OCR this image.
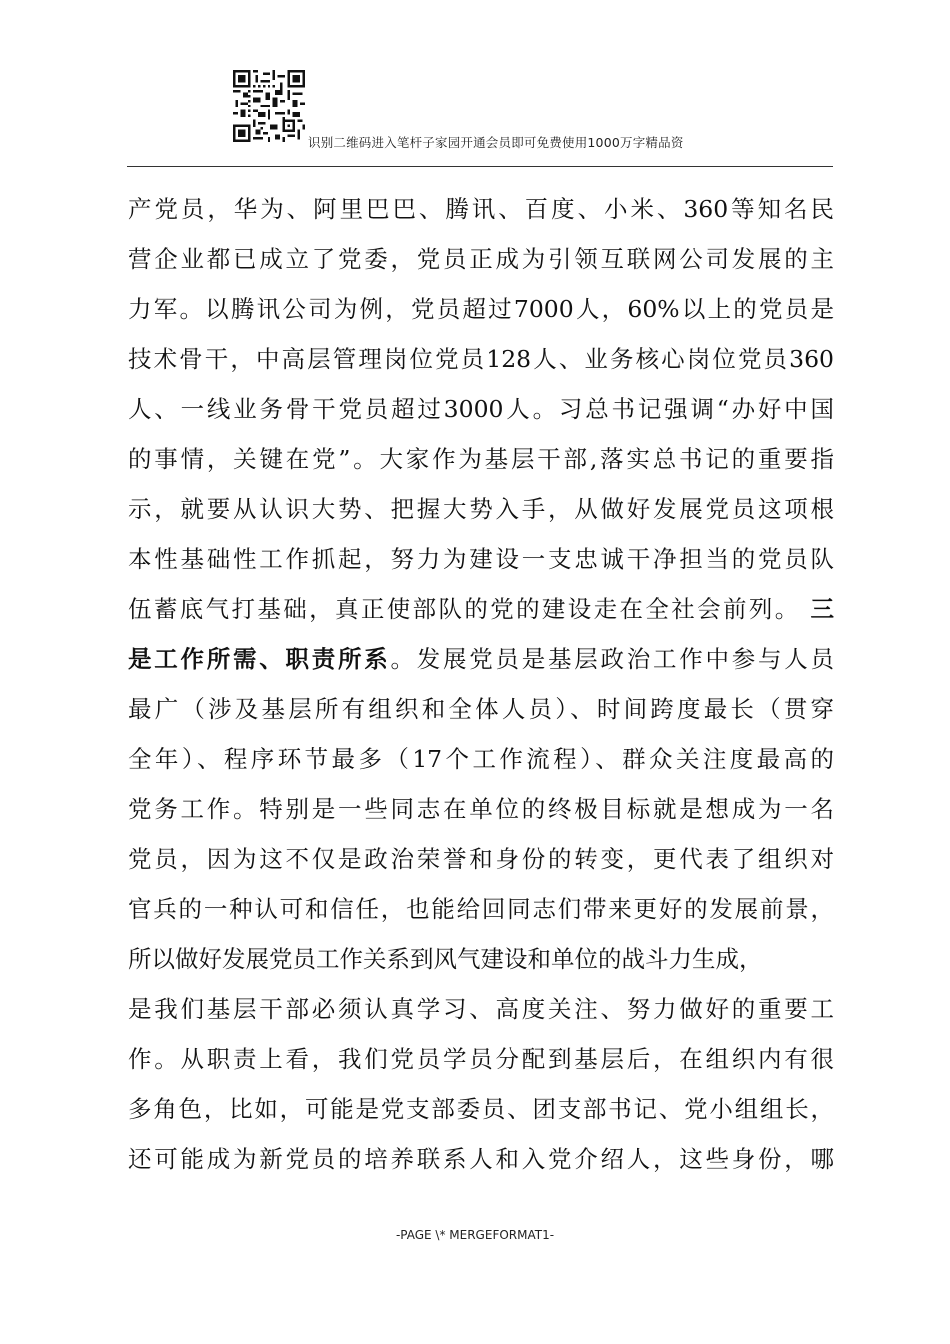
识别二维码进入笔杆子家园开通会员即可免费使用1000万字精品资
产党员，华为、阿里巴巴、腾讯、百度、小米、360等知名民
营企业都已成立了党委，党员正成为引领互联网公司发展的主
力军。以腾讯公司为例，党员超过7000人，60%以上的党员是
技术骨干，中高层管理岗位党员128人、业务核心岗位党员360
人、一线业务骨干党员超过3000人。习总书记强调“办好中国
的事情，关键在党”。大家作为基层干部,落实总书记的重要指
示，就要从认识大势、把握大势入手，从做好发展党员这项根
本性基础性工作抓起，努力为建设一支忠诚干净担当的党员队
伍蓄底气打基础，真正使部队的党的建设走在全社会前列。 三
是工作所需、职责所系。发展党员是基层政治工作中参与人员
最广（涉及基层所有组织和全体人员）、时间跨度最长（贯穿
全年）、程序环节最多（17个工作流程）、群众关注度最高的
党务工作。特别是一些同志在单位的终极目标就是想成为一名
党员，因为这不仅是政治荣誉和身份的转变，更代表了组织对
官兵的一种认可和信任，也能给回同志们带来更好的发展前景，
所以做好发展党员工作关系到风气建设和单位的战斗力生成，
是我们基层干部必须认真学习、高度关注、努力做好的重要工
作。从职责上看，我们党员学员分配到基层后，在组织内有很
多角色，比如，可能是党支部委员、团支部书记、党小组组长，
还可能成为新党员的培养联系人和入党介绍人，这些身份，哪
-PAGE \* MERGEFORMAT1-
